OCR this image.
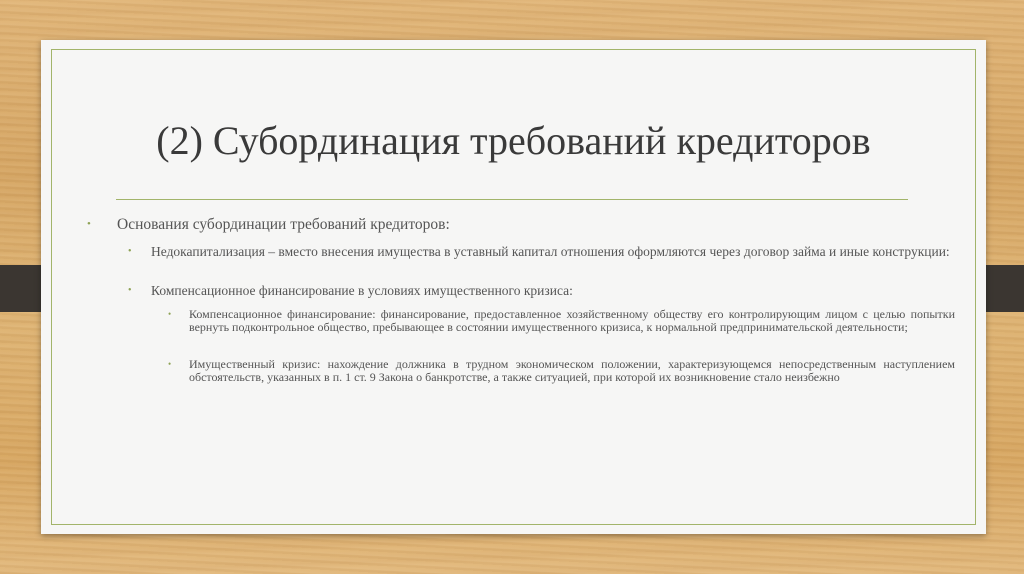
(2) Субординация требований кредиторов
• Основания субординации требований кредиторов:
• Недокапитализация – вместо внесения имущества в уставный капитал отношения оформляются через договор займа и иные конструкции:
• Компенсационное финансирование в условиях имущественного кризиса:
• Компенсационное финансирование: финансирование, предоставленное хозяйственному обществу его контролирующим лицом с целью попытки вернуть подконтрольное общество, пребывающее в состоянии имущественного кризиса, к нормальной предпринимательской деятельности;
• Имущественный кризис: нахождение должника в трудном экономическом положении, характеризующемся непосредственным наступлением обстоятельств, указанных в п. 1 ст. 9 Закона о банкротстве, а также ситуацией, при которой их возникновение стало неизбежно
